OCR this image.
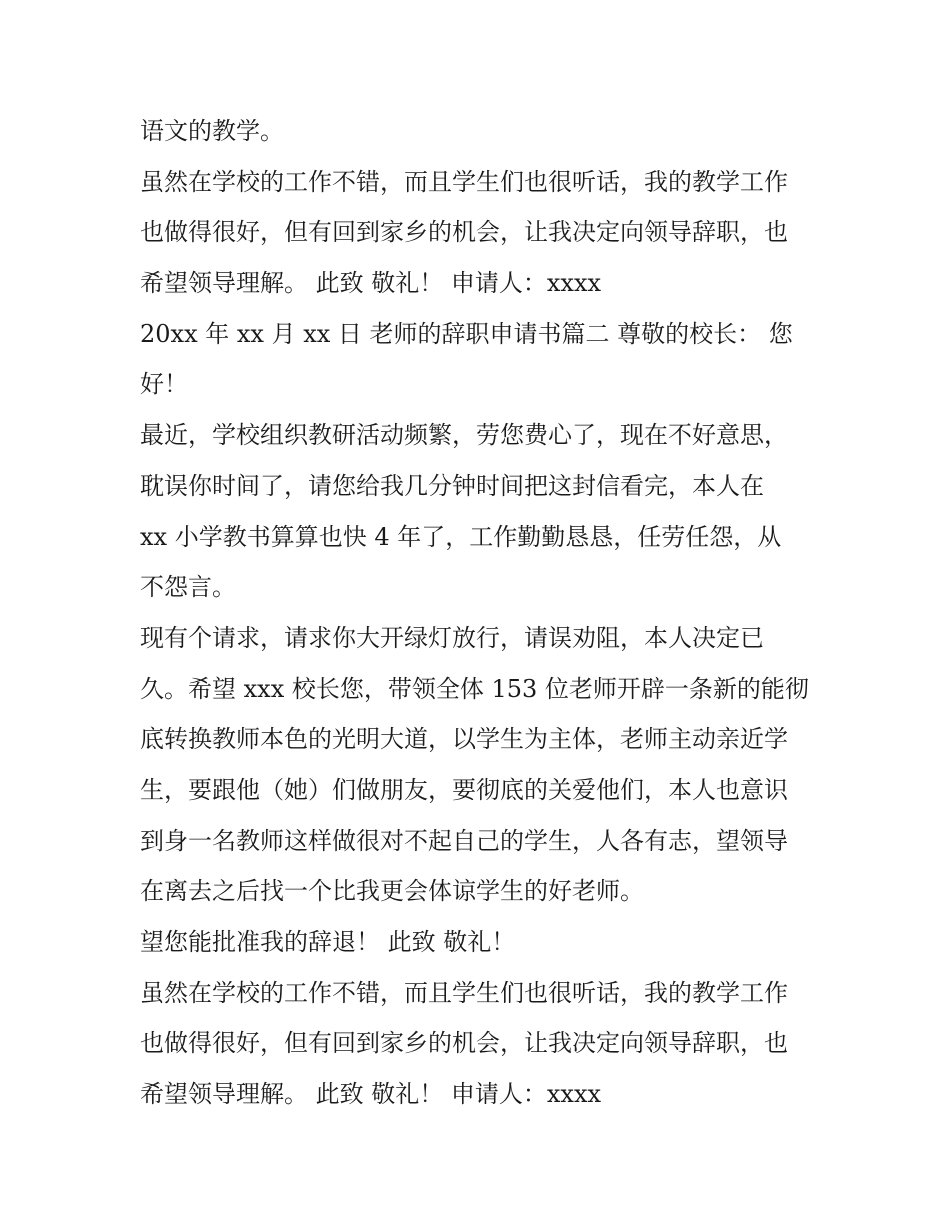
语文的教学。
虽然在学校的工作不错，而且学生们也很听话，我的教学工作
也做得很好，但有回到家乡的机会，让我决定向领导辞职，也
希望领导理解。 此致 敬礼！ 申请人：xxxx
20xx 年 xx 月 xx 日 老师的辞职申请书篇二 尊敬的校长： 您
好！
最近，学校组织教研活动频繁，劳您费心了，现在不好意思，
耽误你时间了，请您给我几分钟时间把这封信看完，本人在
xx 小学教书算算也快 4 年了，工作勤勤恳恳，任劳任怨，从
不怨言。
现有个请求，请求你大开绿灯放行，请误劝阻，本人决定已
久。希望 xxx 校长您，带领全体 153 位老师开辟一条新的能彻
底转换教师本色的光明大道，以学生为主体，老师主动亲近学
生，要跟他（她）们做朋友，要彻底的关爱他们，本人也意识
到身一名教师这样做很对不起自己的学生，人各有志，望领导
在离去之后找一个比我更会体谅学生的好老师。
望您能批准我的辞退！ 此致 敬礼！
虽然在学校的工作不错，而且学生们也很听话，我的教学工作
也做得很好，但有回到家乡的机会，让我决定向领导辞职，也
希望领导理解。 此致 敬礼！ 申请人：xxxx
